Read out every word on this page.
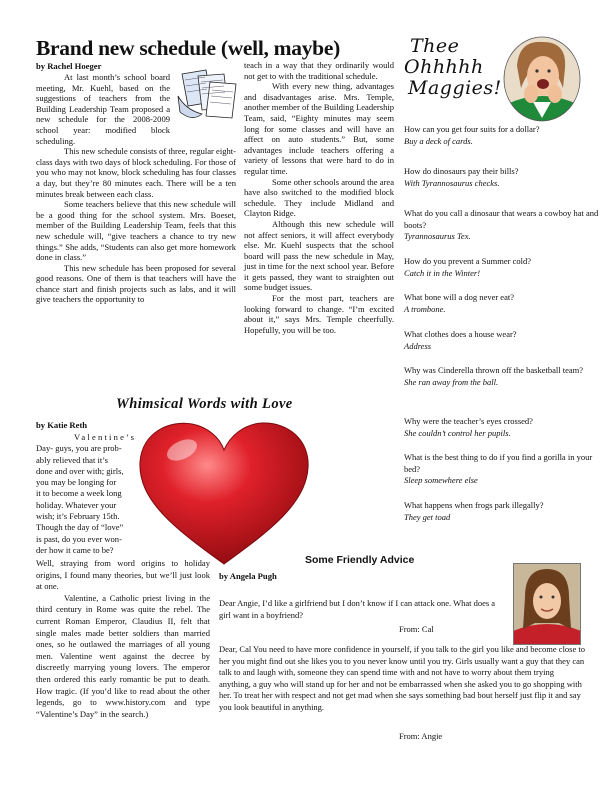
Brand new schedule (well, maybe)
by Rachel Hoeger

At last month’s school board meeting, Mr. Kuehl, based on the suggestions of teachers from the Building Leadership Team proposed a new schedule for the 2008-2009 school year: modified block scheduling.

This new schedule consists of three, regular eight-class days with two days of block scheduling. For those of you who may not know, block scheduling has four classes a day, but they’re 80 minutes each. There will be a ten minutes break between each class.

Some teachers believe that this new schedule will be a good thing for the school system. Mrs. Boeset, member of the Building Leadership Team, feels that this new schedule will, “give teachers a chance to try new things.” She adds, “Students can also get more homework done in class.”

This new schedule has been proposed for several good reasons. One of them is that teachers will have the chance start and finish projects such as labs, and it will give teachers the opportunity to

teach in a way that they ordinarily would not get to with the traditional schedule.

With every new thing, advantages and disadvantages arise. Mrs. Temple, another member of the Building Leadership Team, said, “Eighty minutes may seem long for some classes and will have an affect on auto students.” But, some advantages include teachers offering a variety of lessons that were hard to do in regular time.

Some other schools around the area have also switched to the modified block schedule. They include Midland and Clayton Ridge.

Although this new schedule will not affect seniors, it will affect everybody else. Mr. Kuehl suspects that the school board will pass the new schedule in May, just in time for the next school year. Before it gets passed, they want to straighten out some budget issues.

For the most part, teachers are looking forward to change. “I’m excited about it,” says Mrs. Temple cheerfully. Hopefully, you will be too.

Thee
Ohhhhh
Maggies!
How can you get four suits for a dollar?
Buy a deck of cards.
How do dinosaurs pay their bills?
With Tyrannosaurus checks.
What do you call a dinosaur that wears a cowboy hat and boots?
Tyrannosaurus Tex.
How do you prevent a Summer cold?
Catch it in the Winter!
What bone will a dog never eat?
A trombone.
What clothes does a house wear?
Address
Why was Cinderella thrown off the basketball team?
She ran away from the ball.
Why were the teacher’s eyes crossed?
She couldn’t control her pupils.
What is the best thing to do if you find a gorilla in your bed?
Sleep somewhere else
What happens when frogs park illegally?
They get toad
Whimsical Words with Love
by Katie Reth
Valentine’s
Day- guys, you are prob-
ably relieved that it’s
done and over with; girls,
you may be longing for
it to become a week long
holiday. Whatever your
wish; it’s February 15th.
Though the day of “love”
is past, do you ever won-
der how it came to be?

Well, straying from word origins to holiday origins, I found many theories, but we’ll just look at one.

Valentine, a Catholic priest living in the third century in Rome was quite the rebel. The current Roman Emperor, Claudius II, felt that single males made better soldiers than married ones, so he outlawed the marriages of all young men. Valentine went against the decree by discreetly marrying young lovers. The emperor then ordered this early romantic be put to death. How tragic. (If you’d like to read about the other legends, go to www.history.com and type “Valentine’s Day” in the search.)

Some Friendly Advice
by Angela Pugh
Dear Angie, I’d like a girlfriend but I don’t know if I can attack one. What does a girl want in a boyfriend?
From: Cal
Dear, Cal You need to have more confidence in yourself, if you talk to the girl you like and become close to her you might find out she likes you to you never know until you try. Girls usually want a guy that they can talk to and laugh with, someone they can spend time with and not have to worry about them trying anything, a guy who will stand up for her and not be embarrassed when she asked you to go shopping with her. To treat her with respect and not get mad when she says something bad bout herself just flip it and say you look beautiful in anything.
From: Angie
